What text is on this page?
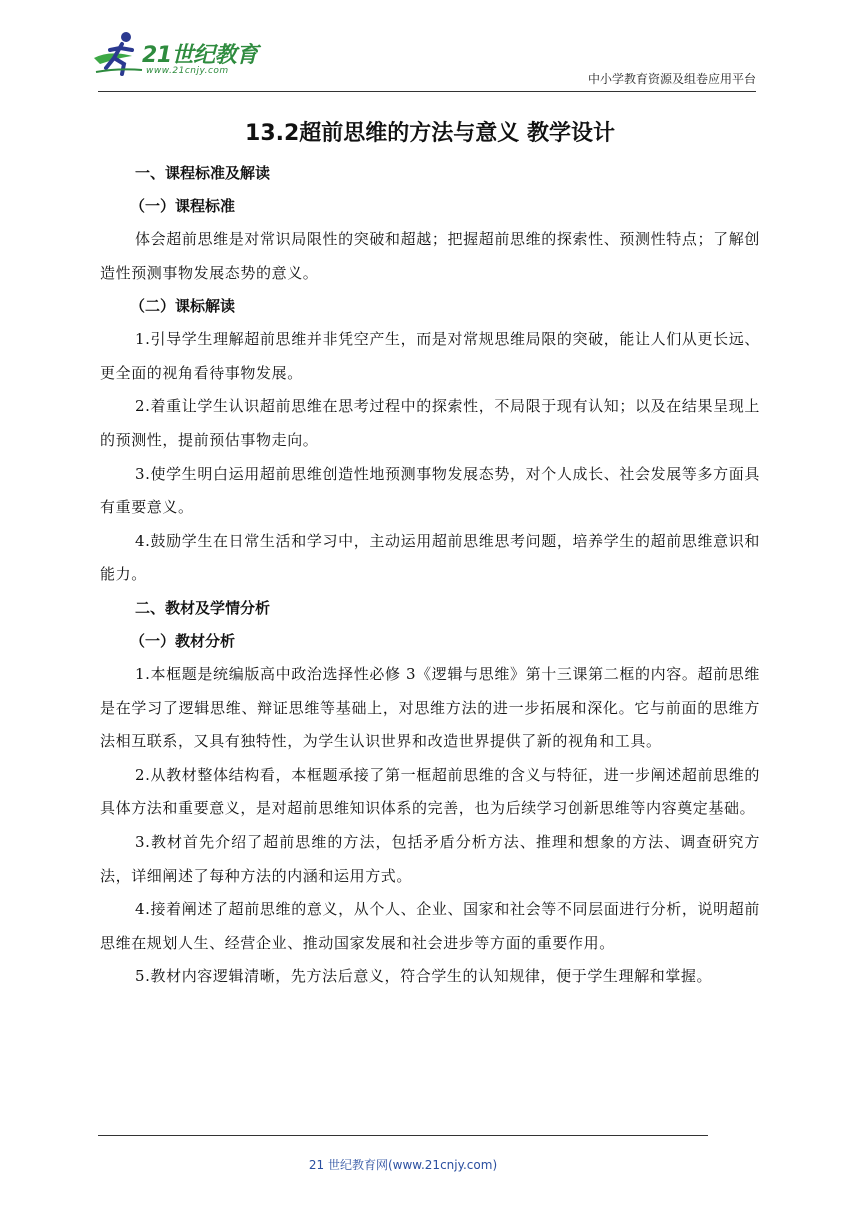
21世纪教育
www.21cnjy.com
中小学教育资源及组卷应用平台
13.2超前思维的方法与意义 教学设计
一、课程标准及解读
（一）课程标准
体会超前思维是对常识局限性的突破和超越；把握超前思维的探索性、预测性特点；了解创造性预测事物发展态势的意义。
（二）课标解读
1.引导学生理解超前思维并非凭空产生，而是对常规思维局限的突破，能让人们从更长远、更全面的视角看待事物发展。
2.着重让学生认识超前思维在思考过程中的探索性，不局限于现有认知；以及在结果呈现上的预测性，提前预估事物走向。
3.使学生明白运用超前思维创造性地预测事物发展态势，对个人成长、社会发展等多方面具有重要意义。
4.鼓励学生在日常生活和学习中，主动运用超前思维思考问题，培养学生的超前思维意识和能力。
二、教材及学情分析
（一）教材分析
1.本框题是统编版高中政治选择性必修 3《逻辑与思维》第十三课第二框的内容。超前思维是在学习了逻辑思维、辩证思维等基础上，对思维方法的进一步拓展和深化。它与前面的思维方法相互联系，又具有独特性，为学生认识世界和改造世界提供了新的视角和工具。
2.从教材整体结构看，本框题承接了第一框超前思维的含义与特征，进一步阐述超前思维的具体方法和重要意义，是对超前思维知识体系的完善，也为后续学习创新思维等内容奠定基础。
3.教材首先介绍了超前思维的方法，包括矛盾分析方法、推理和想象的方法、调查研究方法，详细阐述了每种方法的内涵和运用方式。
4.接着阐述了超前思维的意义，从个人、企业、国家和社会等不同层面进行分析，说明超前思维在规划人生、经营企业、推动国家发展和社会进步等方面的重要作用。
5.教材内容逻辑清晰，先方法后意义，符合学生的认知规律，便于学生理解和掌握。
21 世纪教育网(www.21cnjy.com)
